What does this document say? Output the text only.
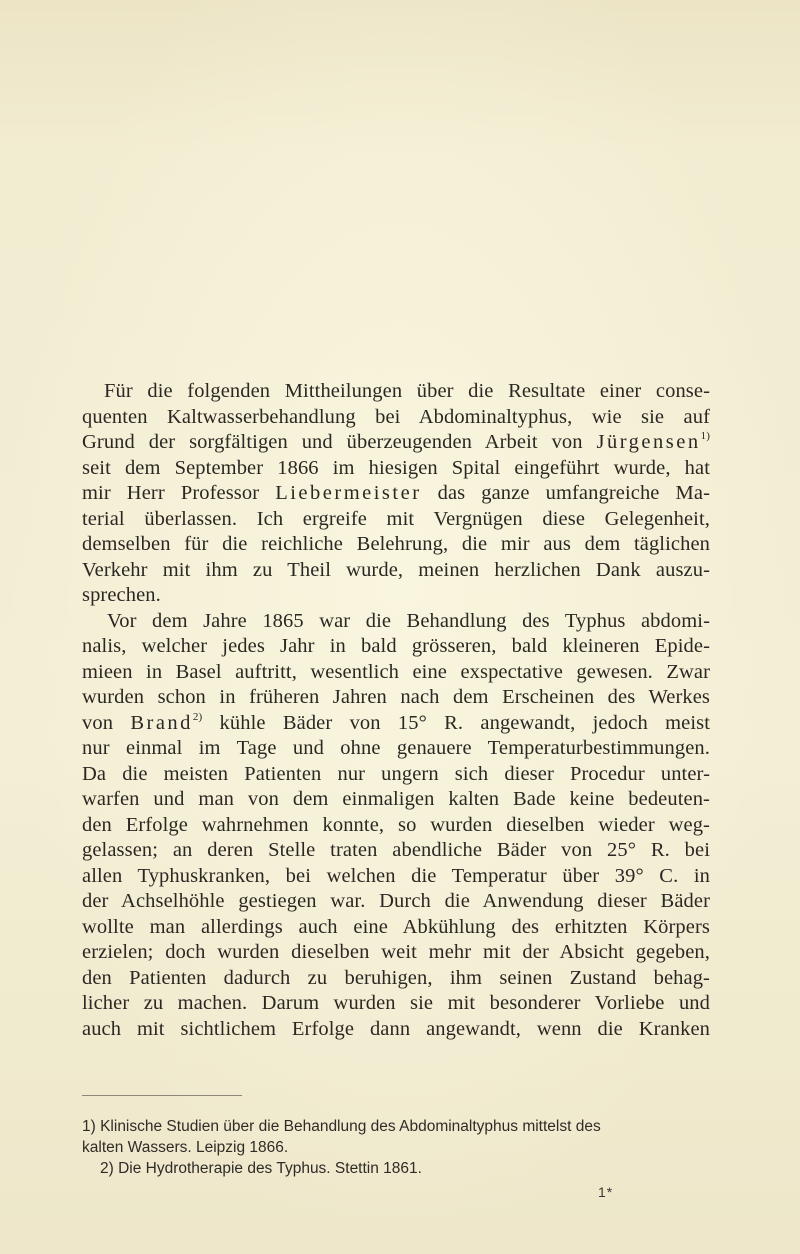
Für die folgenden Mittheilungen über die Resultate einer conse-
quenten Kaltwasserbehandlung bei Abdominaltyphus, wie sie auf
Grund der sorgfältigen und überzeugenden Arbeit von Jürgensen$^{1)}$
seit dem September 1866 im hiesigen Spital eingeführt wurde, hat
mir Herr Professor Liebermeister das ganze umfangreiche Ma-
terial überlassen. Ich ergreife mit Vergnügen diese Gelegenheit,
demselben für die reichliche Belehrung, die mir aus dem täglichen
Verkehr mit ihm zu Theil wurde, meinen herzlichen Dank auszu-
sprechen.
Vor dem Jahre 1865 war die Behandlung des Typhus abdomi-
nalis, welcher jedes Jahr in bald grösseren, bald kleineren Epide-
mieen in Basel auftritt, wesentlich eine exspectative gewesen. Zwar
wurden schon in früheren Jahren nach dem Erscheinen des Werkes
von Brand$^{2)}$ kühle Bäder von 15° R. angewandt, jedoch meist
nur einmal im Tage und ohne genauere Temperaturbestimmungen.
Da die meisten Patienten nur ungern sich dieser Procedur unter-
warfen und man von dem einmaligen kalten Bade keine bedeuten-
den Erfolge wahrnehmen konnte, so wurden dieselben wieder weg-
gelassen; an deren Stelle traten abendliche Bäder von 25° R. bei
allen Typhuskranken, bei welchen die Temperatur über 39° C. in
der Achselhöhle gestiegen war. Durch die Anwendung dieser Bäder
wollte man allerdings auch eine Abkühlung des erhitzten Körpers
erzielen; doch wurden dieselben weit mehr mit der Absicht gegeben,
den Patienten dadurch zu beruhigen, ihm seinen Zustand behag-
licher zu machen. Darum wurden sie mit besonderer Vorliebe und
auch mit sichtlichem Erfolge dann angewandt, wenn die Kranken
1) Klinische Studien über die Behandlung des Abdominaltyphus mittelst des
kalten Wassers. Leipzig 1866.
2) Die Hydrotherapie des Typhus. Stettin 1861.
1*
